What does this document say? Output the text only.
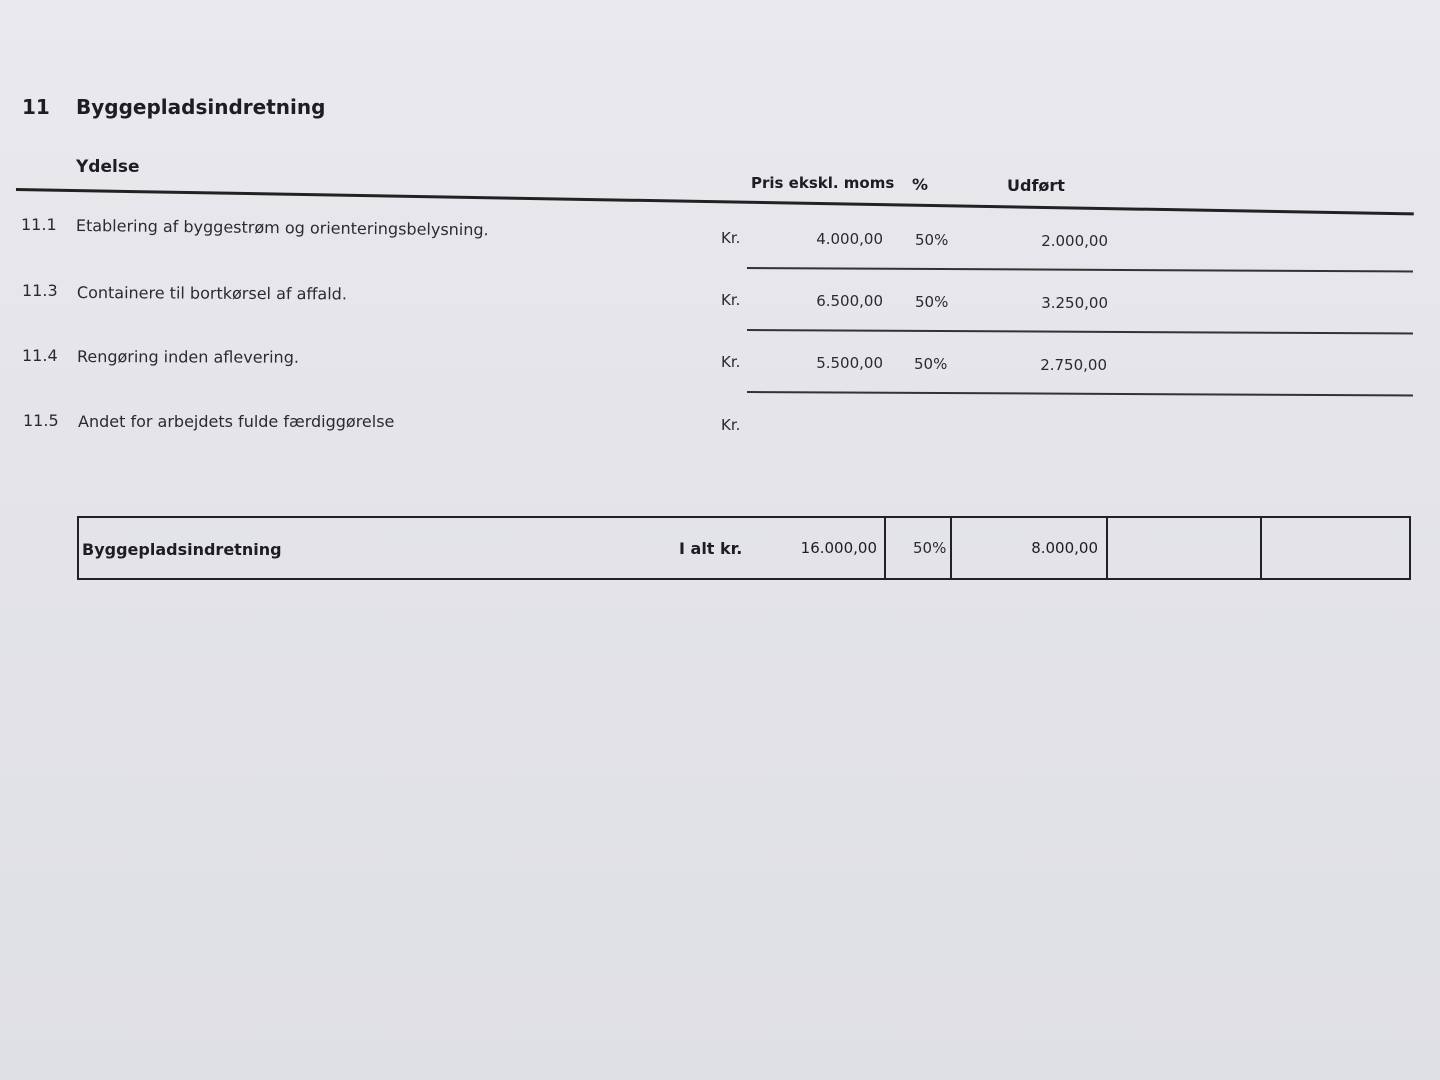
11 Byggepladsindretning
Ydelse
Pris ekskl. moms %	Udført
11.1 Etablering af byggestrøm og orienteringsbelysning.	Kr.	4.000,00 50%	2.000,00
11.3 Containere til bortkørsel af affald.	Kr.	6.500,00 50%	3.250,00
11.4 Rengøring inden aflevering.	Kr.	5.500,00 50%	2.750,00
11.5 Andet for arbejdets fulde færdiggørelse	Kr.
Byggepladsindretning	I alt kr.	16.000,00 50%	8.000,00
